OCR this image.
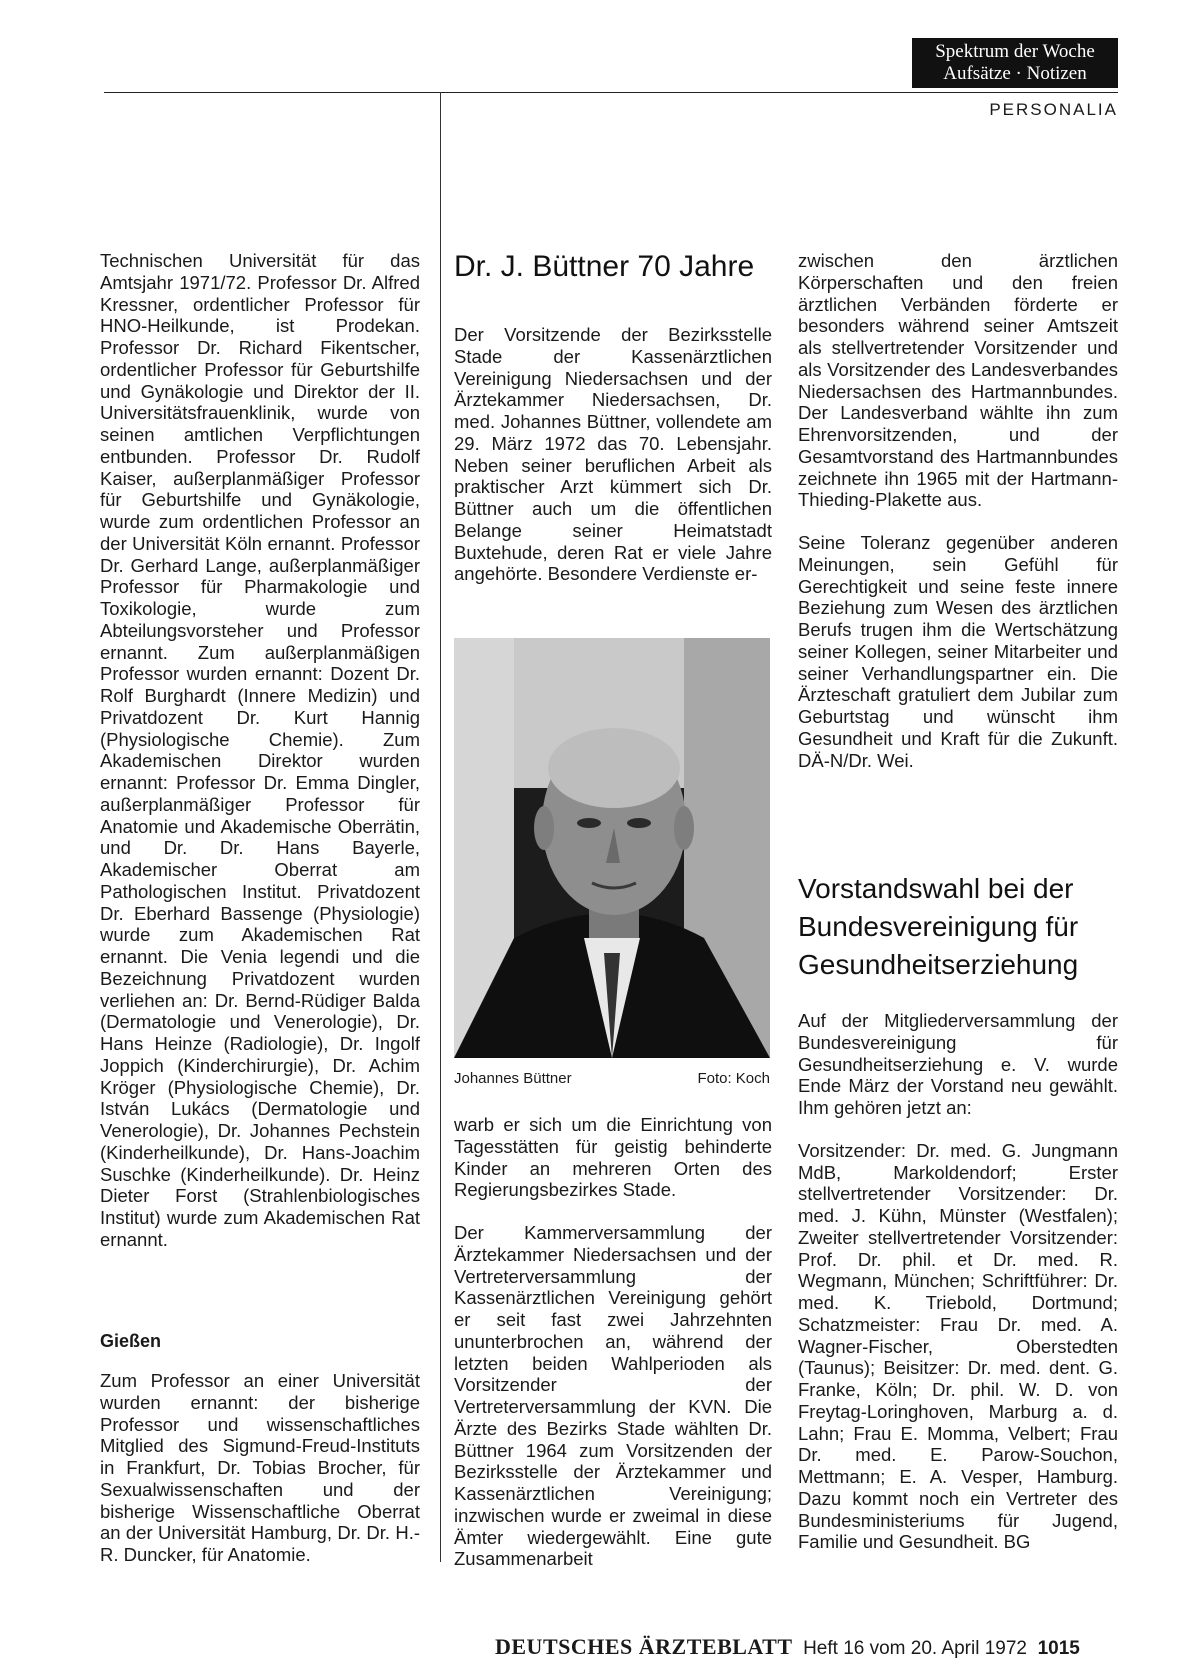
Spektrum der Woche
Aufsätze · Notizen
PERSONALIA

Technischen Universität für das Amtsjahr 1971/72. Professor Dr. Alfred Kressner, ordentlicher Professor für HNO-Heilkunde, ist Prodekan. Professor Dr. Richard Fikentscher, ordentlicher Professor für Geburtshilfe und Gynäkologie und Direktor der II. Universitätsfrauenklinik, wurde von seinen amtlichen Verpflichtungen entbunden. Professor Dr. Rudolf Kaiser, außerplanmäßiger Professor für Geburtshilfe und Gynäkologie, wurde zum ordentlichen Professor an der Universität Köln ernannt. Professor Dr. Gerhard Lange, außerplanmäßiger Professor für Pharmakologie und Toxikologie, wurde zum Abteilungsvorsteher und Professor ernannt. Zum außerplanmäßigen Professor wurden ernannt: Dozent Dr. Rolf Burghardt (Innere Medizin) und Privatdozent Dr. Kurt Hannig (Physiologische Chemie). Zum Akademischen Direktor wurden ernannt: Professor Dr. Emma Dingler, außerplanmäßiger Professor für Anatomie und Akademische Oberrätin, und Dr. Dr. Hans Bayerle, Akademischer Oberrat am Pathologischen Institut. Privatdozent Dr. Eberhard Bassenge (Physiologie) wurde zum Akademischen Rat ernannt. Die Venia legendi und die Bezeichnung Privatdozent wurden verliehen an: Dr. Bernd-Rüdiger Balda (Dermatologie und Venerologie), Dr. Hans Heinze (Radiologie), Dr. Ingolf Joppich (Kinderchirurgie), Dr. Achim Kröger (Physiologische Chemie), Dr. István Lukács (Dermatologie und Venerologie), Dr. Johannes Pechstein (Kinderheilkunde), Dr. Hans-Joachim Suschke (Kinderheilkunde). Dr. Heinz Dieter Forst (Strahlenbiologisches Institut) wurde zum Akademischen Rat ernannt.

Gießen

Zum Professor an einer Universität wurden ernannt: der bisherige Professor und wissenschaftliches Mitglied des Sigmund-Freud-Instituts in Frankfurt, Dr. Tobias Brocher, für Sexualwissenschaften und der bisherige Wissenschaftliche Oberrat an der Universität Hamburg, Dr. Dr. H.-R. Duncker, für Anatomie.

Dr. J. Büttner 70 Jahre

Der Vorsitzende der Bezirksstelle Stade der Kassenärztlichen Vereinigung Niedersachsen und der Ärztekammer Niedersachsen, Dr. med. Johannes Büttner, vollendete am 29. März 1972 das 70. Lebensjahr. Neben seiner beruflichen Arbeit als praktischer Arzt kümmert sich Dr. Büttner auch um die öffentlichen Belange seiner Heimatstadt Buxtehude, deren Rat er viele Jahre angehörte. Besondere Verdienste er-

Johannes Büttner	Foto: Koch

warb er sich um die Einrichtung von Tagesstätten für geistig behinderte Kinder an mehreren Orten des Regierungsbezirkes Stade.

Der Kammerversammlung der Ärztekammer Niedersachsen und der Vertreterversammlung der Kassenärztlichen Vereinigung gehört er seit fast zwei Jahrzehnten ununterbrochen an, während der letzten beiden Wahlperioden als Vorsitzender der Vertreterversammlung der KVN. Die Ärzte des Bezirks Stade wählten Dr. Büttner 1964 zum Vorsitzenden der Bezirksstelle der Ärztekammer und Kassenärztlichen Vereinigung; inzwischen wurde er zweimal in diese Ämter wiedergewählt. Eine gute Zusammenarbeit

zwischen den ärztlichen Körperschaften und den freien ärztlichen Verbänden förderte er besonders während seiner Amtszeit als stellvertretender Vorsitzender und als Vorsitzender des Landesverbandes Niedersachsen des Hartmannbundes. Der Landesverband wählte ihn zum Ehrenvorsitzenden, und der Gesamtvorstand des Hartmannbundes zeichnete ihn 1965 mit der Hartmann-Thieding-Plakette aus.

Seine Toleranz gegenüber anderen Meinungen, sein Gefühl für Gerechtigkeit und seine feste innere Beziehung zum Wesen des ärztlichen Berufs trugen ihm die Wertschätzung seiner Kollegen, seiner Mitarbeiter und seiner Verhandlungspartner ein. Die Ärzteschaft gratuliert dem Jubilar zum Geburtstag und wünscht ihm Gesundheit und Kraft für die Zukunft. DÄ-N/Dr. Wei.

Vorstandswahl bei der Bundesvereinigung für Gesundheitserziehung

Auf der Mitgliederversammlung der Bundesvereinigung für Gesundheitserziehung e. V. wurde Ende März der Vorstand neu gewählt. Ihm gehören jetzt an:

Vorsitzender: Dr. med. G. Jungmann MdB, Markoldendorf; Erster stellvertretender Vorsitzender: Dr. med. J. Kühn, Münster (Westfalen); Zweiter stellvertretender Vorsitzender: Prof. Dr. phil. et Dr. med. R. Wegmann, München; Schriftführer: Dr. med. K. Triebold, Dortmund; Schatzmeister: Frau Dr. med. A. Wagner-Fischer, Oberstedten (Taunus); Beisitzer: Dr. med. dent. G. Franke, Köln; Dr. phil. W. D. von Freytag-Loringhoven, Marburg a. d. Lahn; Frau E. Momma, Velbert; Frau Dr. med. E. Parow-Souchon, Mettmann; E. A. Vesper, Hamburg. Dazu kommt noch ein Vertreter des Bundesministeriums für Jugend, Familie und Gesundheit. BG

DEUTSCHES ÄRZTEBLATT Heft 16 vom 20. April 1972 1015
